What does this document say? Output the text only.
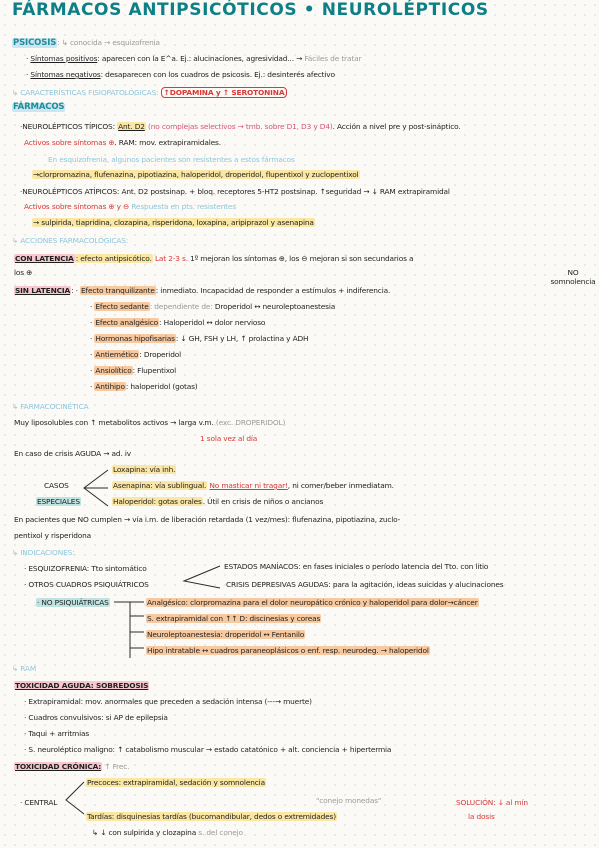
FÁRMACOS ANTIPSICÓTICOS • NEUROLÉPTICOS
PSICOSIS: ↳ conocida → esquizofrenia
· Síntomas positivos: aparecen con la E^a. Ej.: alucinaciones, agresividad... → Fáciles de tratar
· Síntomas negativos: desaparecen con los cuadros de psicosis. Ej.: desinterés afectivo
↳ CARACTERÍSTICAS FISIOPATOLÓGICAS: ↑DOPAMINA y ↑ SEROTONINA
FÁRMACOS
·NEUROLÉPTICOS TÍPICOS: Ant. D2 (no complejas selectivos → tmb. sobre D1, D3 y D4). Acción a nivel pre y post-sináptico.
Activos sobre síntomas ⊕. RAM: mov. extrapiramidales.
En esquizofrenia, algunos pacientes son resistentes a estos fármacos
→clorpromazina, flufenazina, pipotiazina, haloperidol, droperidol, flupentixol y zuclopentixol
·NEUROLÉPTICOS ATÍPICOS: Ant. D2 postsinap. + bloq. receptores 5-HT2 postsinap. ↑seguridad → ↓ RAM extrapiramidal
Activos sobre síntomas ⊕ y ⊖ Respuesta en pts. resistentes
→ sulpirida, tiapridina, clozapina, risperidona, loxapina, aripiprazol y asenapina
↳ ACCIONES FARMACOLÓGICAS:
CON LATENCIA : efecto antipsicótico. Lat 2-3 s. 1º mejoran los síntomas ⊕, los ⊖ mejoran si son secundarios a
los ⊕	NO somnolencia
SIN LATENCIA: · Efecto tranquilizante: inmediato. Incapacidad de responder a estímulos + indiferencia.
· Efecto sedante: dependiente de: Droperidol ↔ neuroleptoanestesia
· Efecto analgésico: Haloperidol ↔ dolor nervioso
· Hormonas hipofisarias: ↓ GH, FSH y LH, ↑ prolactina y ADH
· Antiemético: Droperidol
· Ansiolítico: Flupentixol
· Antihipo: haloperidol (gotas)
↳ FARMACOCINÉTICA
Muy liposolubles con ↑ metabolitos activos → larga v.m. (exc. DROPERIDOL)
1 sola vez al día
En caso de crisis AGUDA → ad. iv
Loxapina: vía inh.
CASOS
ESPECIALES
Asenapina: vía sublingual. No masticar ni tragar!, ni comer/beber inmediatam.
Haloperidol: gotas orales. Útil en crisis de niños o ancianos
En pacientes que NO cumplen → vía i.m. de liberación retardada (1 vez/mes): flufenazina, pipotiazina, zuclo-
pentixol y risperidona
↳ INDICACIONES:
· ESQUIZOFRENIA: Tto sintomático	ESTADOS MANÍACOS: en fases iniciales o período latencia del Tto. con litio
· OTROS CUADROS PSIQUIÁTRICOS	CRISIS DEPRESIVAS AGUDAS: para la agitación, ideas suicidas y alucinaciones
· NO PSIQUIÁTRICAS	Analgésico: clorpromazina para el dolor neuropático crónico y haloperidol para dolor→cáncer
S. extrapiramidal con ↑↑ D: discinesias y coreas
Neuroleptoanestesia: droperidol ↔ Fentanilo
Hipo intratable ↔ cuadros paraneoplásicos o enf. resp. neurodeg. → haloperidol
↳ RAM
TOXICIDAD AGUDA: SOBREDOSIS
· Extrapiramidal: mov. anormales que preceden a sedación intensa (---→ muerte)
· Cuadros convulsivos: si AP de epilepsia
· Taqui + arritmias
· S. neuroléptico maligno: ↑ catabolismo muscular → estado catatónico + alt. conciencia + hipertermia
TOXICIDAD CRÓNICA: ↑ Frec.
Precoces: extrapiramidal, sedación y somnolencia
· CENTRAL	"conejo monedas"	SOLUCIÓN: ↓ al mín
Tardías: disquinesias tardías (bucomandibular, dedos o extremidades)	la dosis
↳ ↓ con sulpirida y clozapina s. del conejo
